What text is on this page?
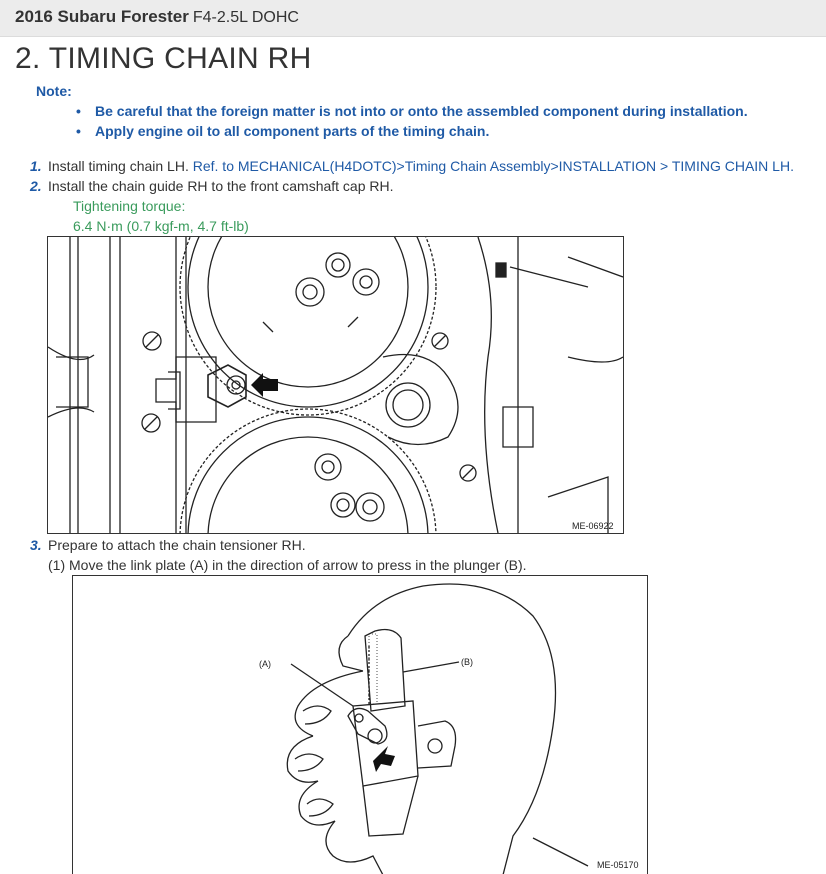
2016 Subaru Forester F4-2.5L DOHC
2. TIMING CHAIN RH
Note:
• Be careful that the foreign matter is not into or onto the assembled component during installation.
• Apply engine oil to all component parts of the timing chain.
1. Install timing chain LH. Ref. to MECHANICAL(H4DOTC)>Timing Chain Assembly>INSTALLATION > TIMING CHAIN LH.
2. Install the chain guide RH to the front camshaft cap RH.
Tightening torque:
6.4 N·m (0.7 kgf-m, 4.7 ft-lb)
ME-06922
3. Prepare to attach the chain tensioner RH.
(1) Move the link plate (A) in the direction of arrow to press in the plunger (B).
(A)	(B)
ME-05170
